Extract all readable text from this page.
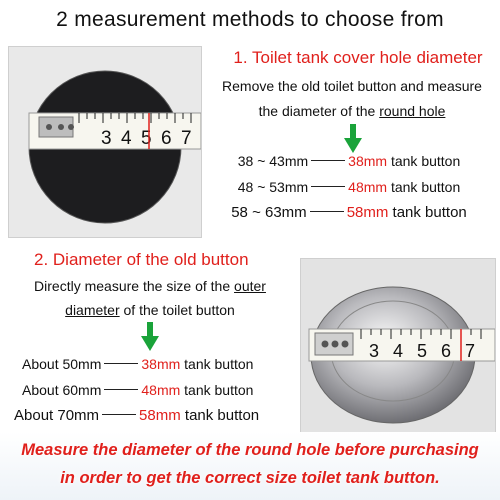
2 measurement methods to choose from
3 4 5 6 7
1. Toilet tank cover hole diameter
Remove the old toilet button and measure
the diameter of the round hole
38 ~ 43mm	38mm tank button
48 ~ 53mm	48mm tank button
58 ~ 63mm	58mm tank button
2. Diameter of the old button
Directly measure the size of the outer
diameter of the toilet button
About 50mm	38mm tank button
About 60mm	48mm tank button
About 70mm	58mm tank button
3 4 5 6 7
Measure the diameter of the round hole before purchasing
in order to get the correct size toilet tank button.
